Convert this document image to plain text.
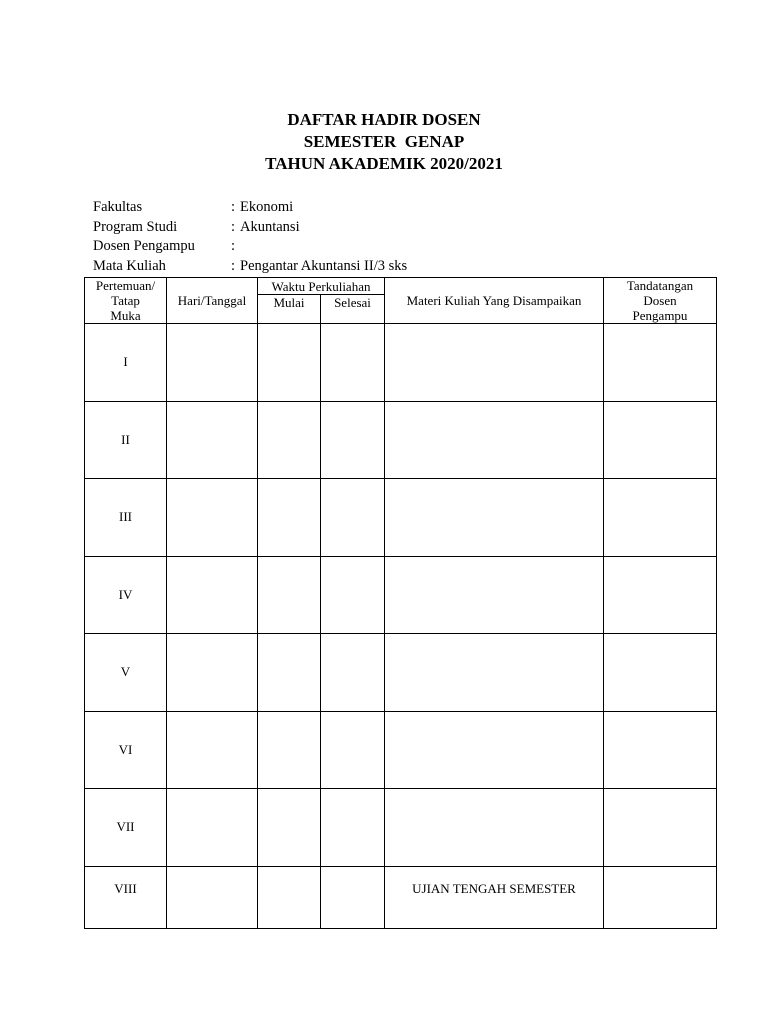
DAFTAR HADIR DOSEN
SEMESTER  GENAP
TAHUN AKADEMIK 2020/2021
Fakultas	: Ekonomi
Program Studi	: Akuntansi
Dosen Pengampu	:
Mata Kuliah	: Pengantar Akuntansi II/3 sks
Pertemuan/
Tatap
Muka	Hari/Tanggal	Waktu Perkuliahan		Materi Kuliah Yang Disampaikan	Tandatangan
Dosen
Pengampu
		Mulai	Selesai		
I					
II					
III					
IV					
V					
VI					
VII					
VIII				UJIAN TENGAH SEMESTER	
